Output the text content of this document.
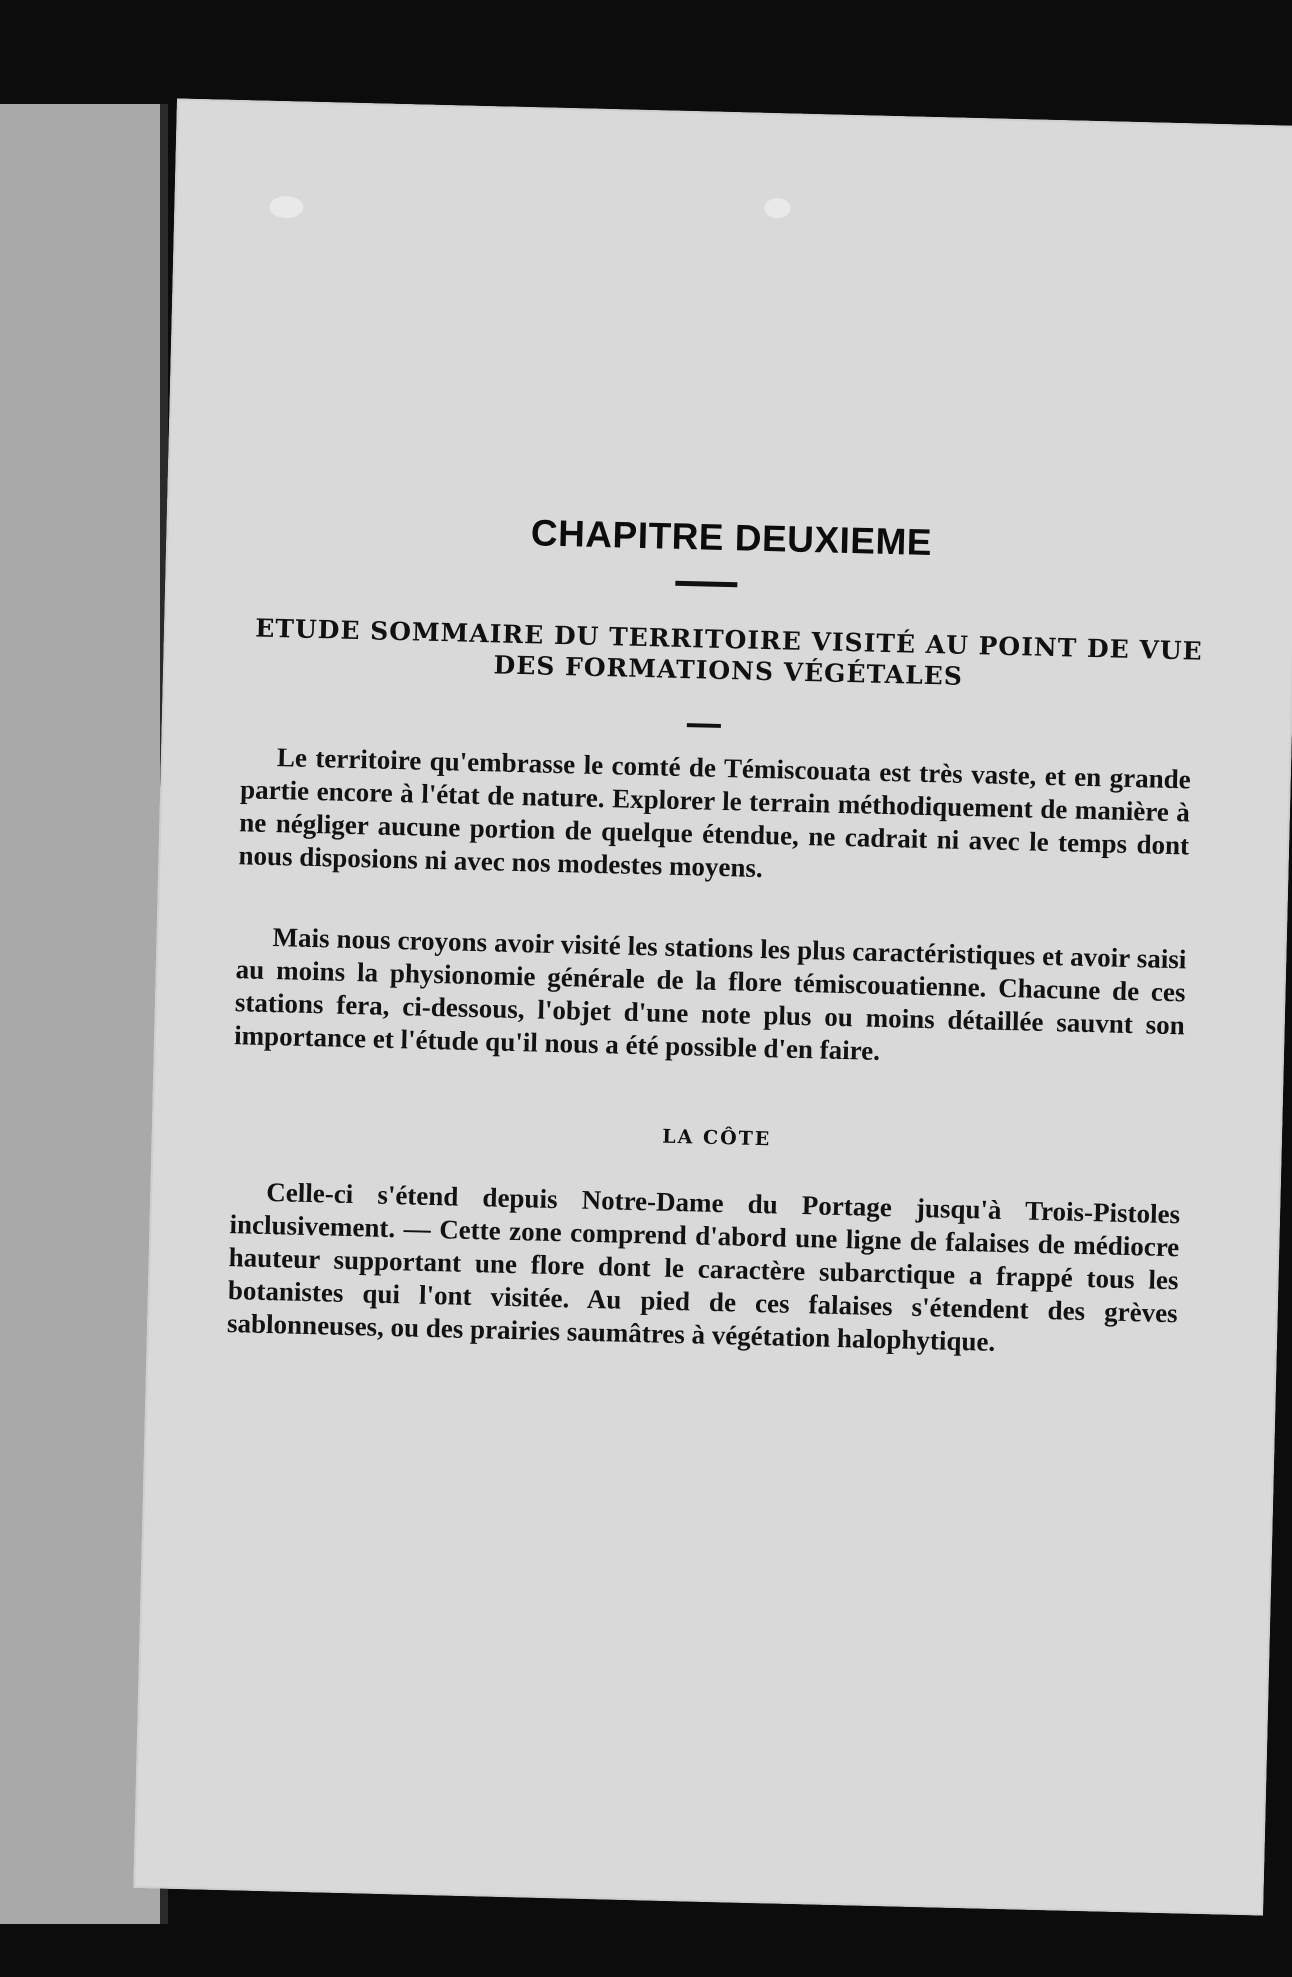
CHAPITRE DEUXIEME
ETUDE SOMMAIRE DU TERRITOIRE VISITÉ AU POINT DE VUE DES FORMATIONS VÉGÉTALES

Le territoire qu'embrasse le comté de Témiscouata est très vaste, et en grande partie encore à l'état de nature. Explorer le terrain méthodiquement de manière à ne négliger aucune portion de quelque étendue, ne cadrait ni avec le temps dont nous disposions ni avec nos modestes moyens.

Mais nous croyons avoir visité les stations les plus caractéristiques et avoir saisi au moins la physionomie générale de la flore témiscouatienne. Chacune de ces stations fera, ci-dessous, l'objet d'une note plus ou moins détaillée sauvnt son importance et l'étude qu'il nous a été possible d'en faire.

LA CÔTE

Celle-ci s'étend depuis Notre-Dame du Portage jusqu'à Trois-Pistoles inclusivement. — Cette zone comprend d'abord une ligne de falaises de médiocre hauteur supportant une flore dont le caractère subarctique a frappé tous les botanistes qui l'ont visitée. Au pied de ces falaises s'étendent des grèves sablonneuses, ou des prairies saumâtres à végétation halophytique.
